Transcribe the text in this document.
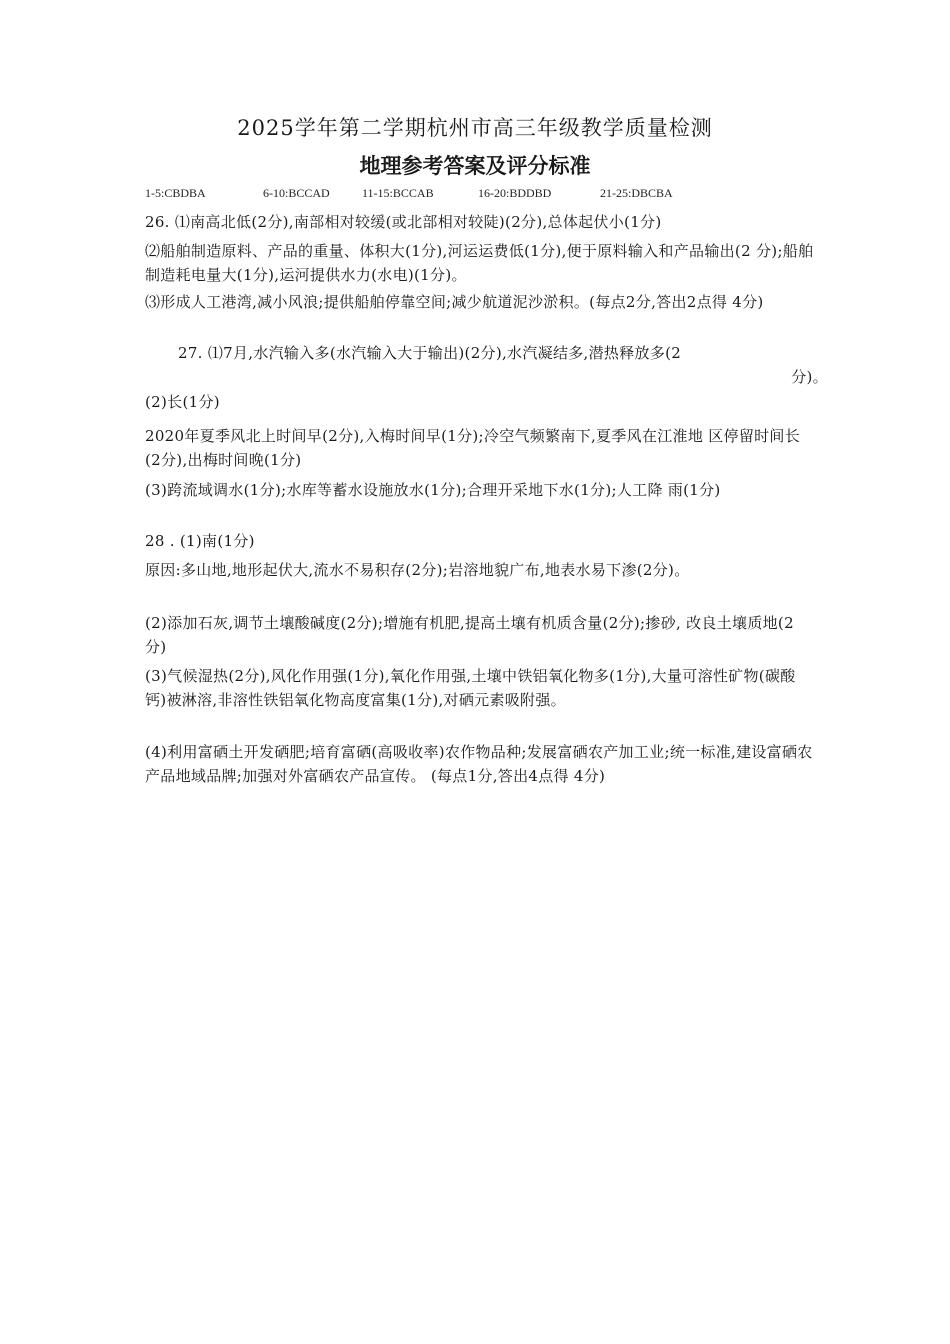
2025学年第二学期杭州市高三年级教学质量检测
地理参考答案及评分标准
1-5:CBDBA	6-10:BCCAD	11-15:BCCAB	16-20:BDDBD	21-25:DBCBA
26. ⑴南高北低(2分),南部相对较缓(或北部相对较陡)(2分),总体起伏小(1分)
⑵船舶制造原料、产品的重量、体积大(1分),河运运费低(1分),便于原料输入和产品输出(2 分);船舶制造耗电量大(1分),运河提供水力(水电)(1分)。
⑶形成人工港湾,减小风浪;提供船舶停靠空间;减少航道泥沙淤积。(每点2分,答出2点得 4分)
27. ⑴7月,水汽输入多(水汽输入大于输出)(2分),水汽凝结多,潜热释放多(2
分)。
(2)长(1分)
2020年夏季风北上时间早(2分),入梅时间早(1分);冷空气频繁南下,夏季风在江淮地 区停留时间长(2分),出梅时间晚(1分)
(3)跨流域调水(1分);水库等蓄水设施放水(1分);合理开采地下水(1分);人工降 雨(1分)
28 . (1)南(1分)
原因:多山地,地形起伏大,流水不易积存(2分);岩溶地貌广布,地表水易下渗(2分)。
(2)添加石灰,调节土壤酸碱度(2分);增施有机肥,提高土壤有机质含量(2分);掺砂, 改良土壤质地(2分)
(3)气候湿热(2分),风化作用强(1分),氧化作用强,土壤中铁铝氧化物多(1分),大量可溶性矿物(碳酸钙)被淋溶,非溶性铁铝氧化物高度富集(1分),对硒元素吸附强。
(4)利用富硒土开发硒肥;培育富硒(高吸收率)农作物品种;发展富硒农产加工业;统一标准,建设富硒农产品地域品牌;加强对外富硒农产品宣传。 (每点1分,答出4点得 4分)
